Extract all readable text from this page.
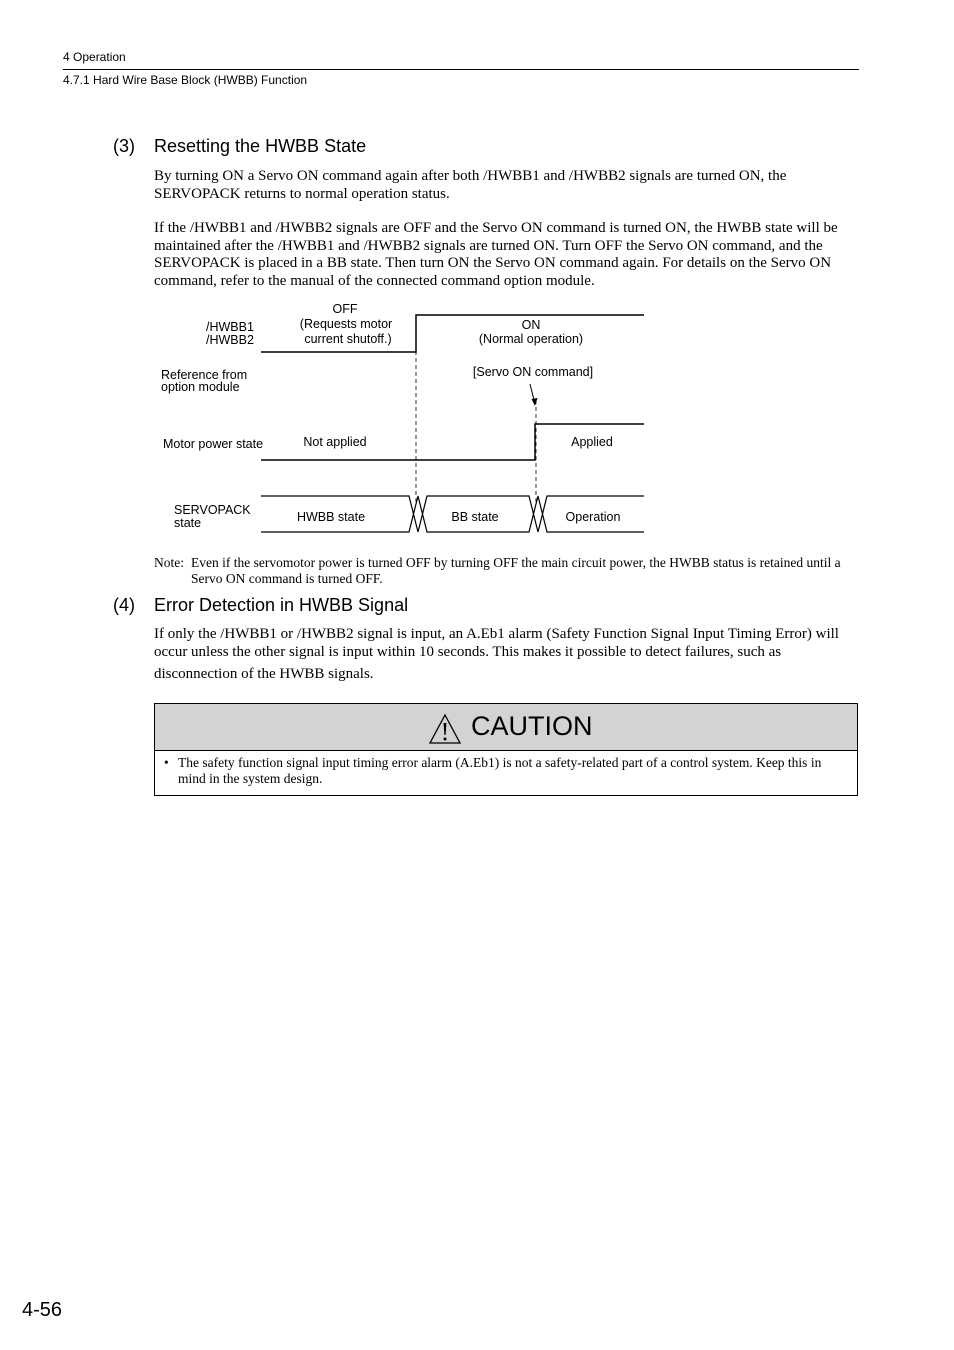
4 Operation
4.7.1 Hard Wire Base Block (HWBB) Function
(3) Resetting the HWBB State
By turning ON a Servo ON command again after both /HWBB1 and /HWBB2 signals are turned ON, the SERVOPACK returns to normal operation status.
If the /HWBB1 and /HWBB2 signals are OFF and the Servo ON command is turned ON, the HWBB state will be maintained after the /HWBB1 and /HWBB2 signals are turned ON. Turn OFF the Servo ON command, and the SERVOPACK is placed in a BB state. Then turn ON the Servo ON command again. For details on the Servo ON command, refer to the manual of the connected command option module.
/HWBB1
/HWBB2
OFF
(Requests motor
current shutoff.)
ON
(Normal operation)
Reference from
option module
[Servo ON command]
Motor power state	Not applied	Applied
SERVOPACK
state	HWBB state	BB state	Operation
Note: Even if the servomotor power is turned OFF by turning OFF the main circuit power, the HWBB status is retained until a Servo ON command is turned OFF.
(4) Error Detection in HWBB Signal
If only the /HWBB1 or /HWBB2 signal is input, an A.Eb1 alarm (Safety Function Signal Input Timing Error) will occur unless the other signal is input within 10 seconds. This makes it possible to detect failures, such as
disconnection of the HWBB signals.
CAUTION
• The safety function signal input timing error alarm (A.Eb1) is not a safety-related part of a control system. Keep this in mind in the system design.
4-56
